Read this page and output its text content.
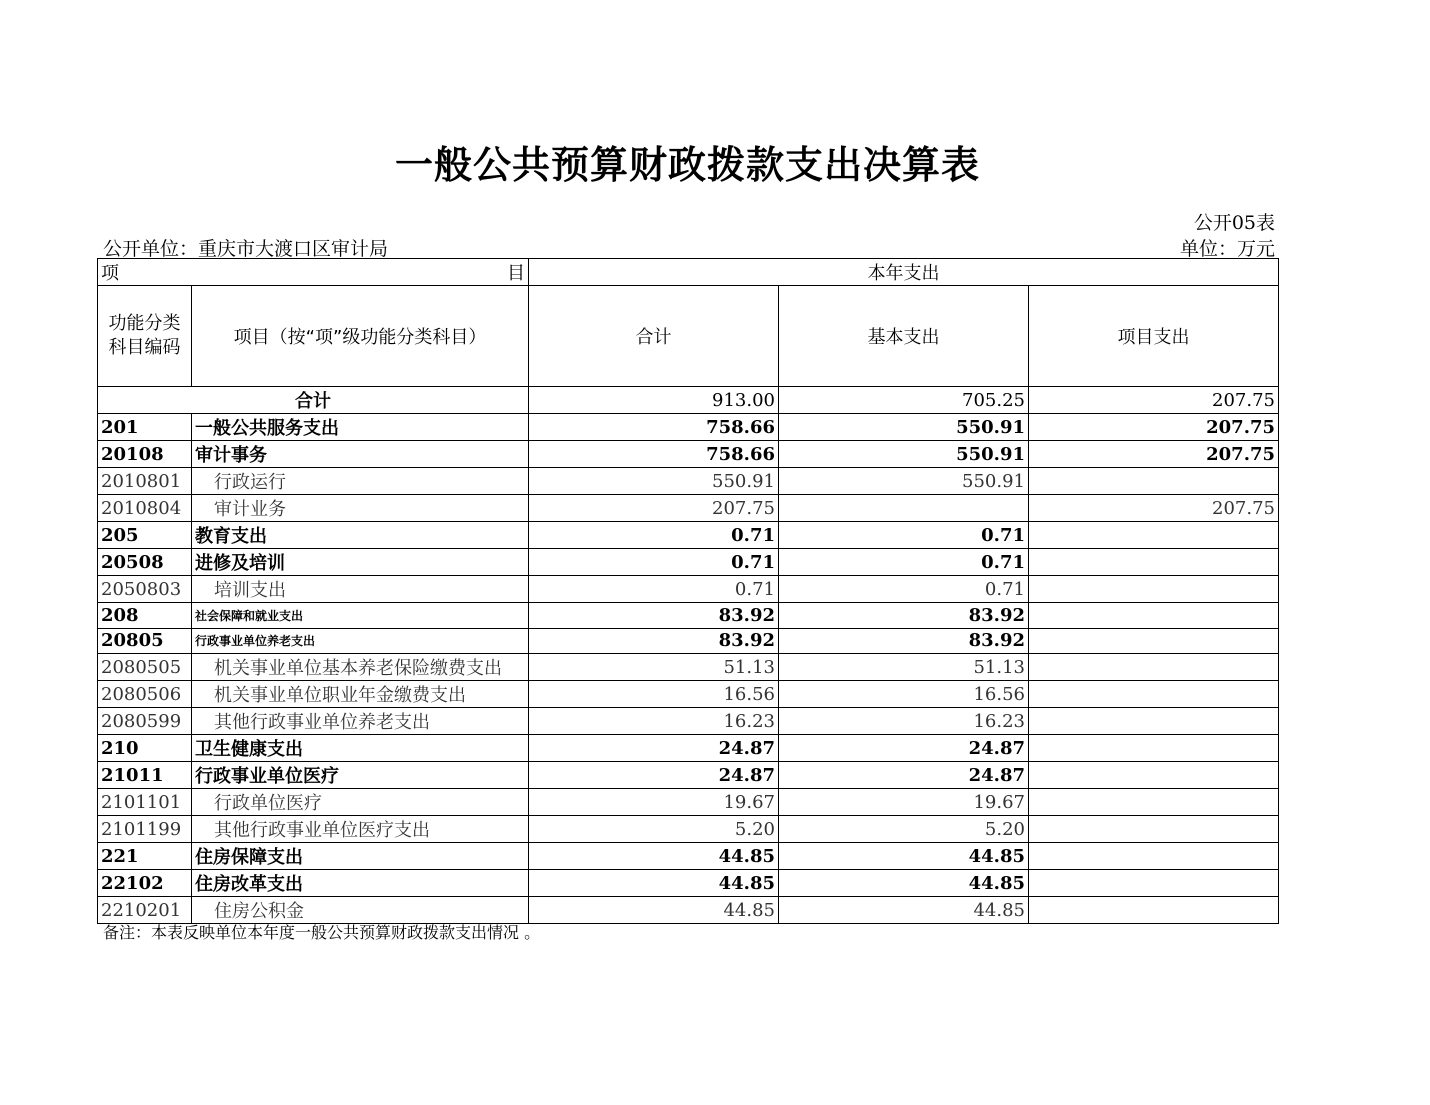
一般公共预算财政拨款支出决算表
公开05表
公开单位：重庆市大渡口区审计局	单位：万元
项 目		本年支出		
功能分类科目编码	项目（按“项”级功能分类科目）	合计	基本支出	项目支出
合计		913.00	705.25	207.75
201	一般公共服务支出	758.66	550.91	207.75
20108	审计事务	758.66	550.91	207.75
2010801	行政运行	550.91	550.91	
2010804	审计业务	207.75		207.75
205	教育支出	0.71	0.71	
20508	进修及培训	0.71	0.71	
2050803	培训支出	0.71	0.71	
208	社会保障和就业支出	83.92	83.92	
20805	行政事业单位养老支出	83.92	83.92	
2080505	机关事业单位基本养老保险缴费支出	51.13	51.13	
2080506	机关事业单位职业年金缴费支出	16.56	16.56	
2080599	其他行政事业单位养老支出	16.23	16.23	
210	卫生健康支出	24.87	24.87	
21011	行政事业单位医疗	24.87	24.87	
2101101	行政单位医疗	19.67	19.67	
2101199	其他行政事业单位医疗支出	5.20	5.20	
221	住房保障支出	44.85	44.85	
22102	住房改革支出	44.85	44.85	
2210201	住房公积金	44.85	44.85	
备注：本表反映单位本年度一般公共预算财政拨款支出情况 。
